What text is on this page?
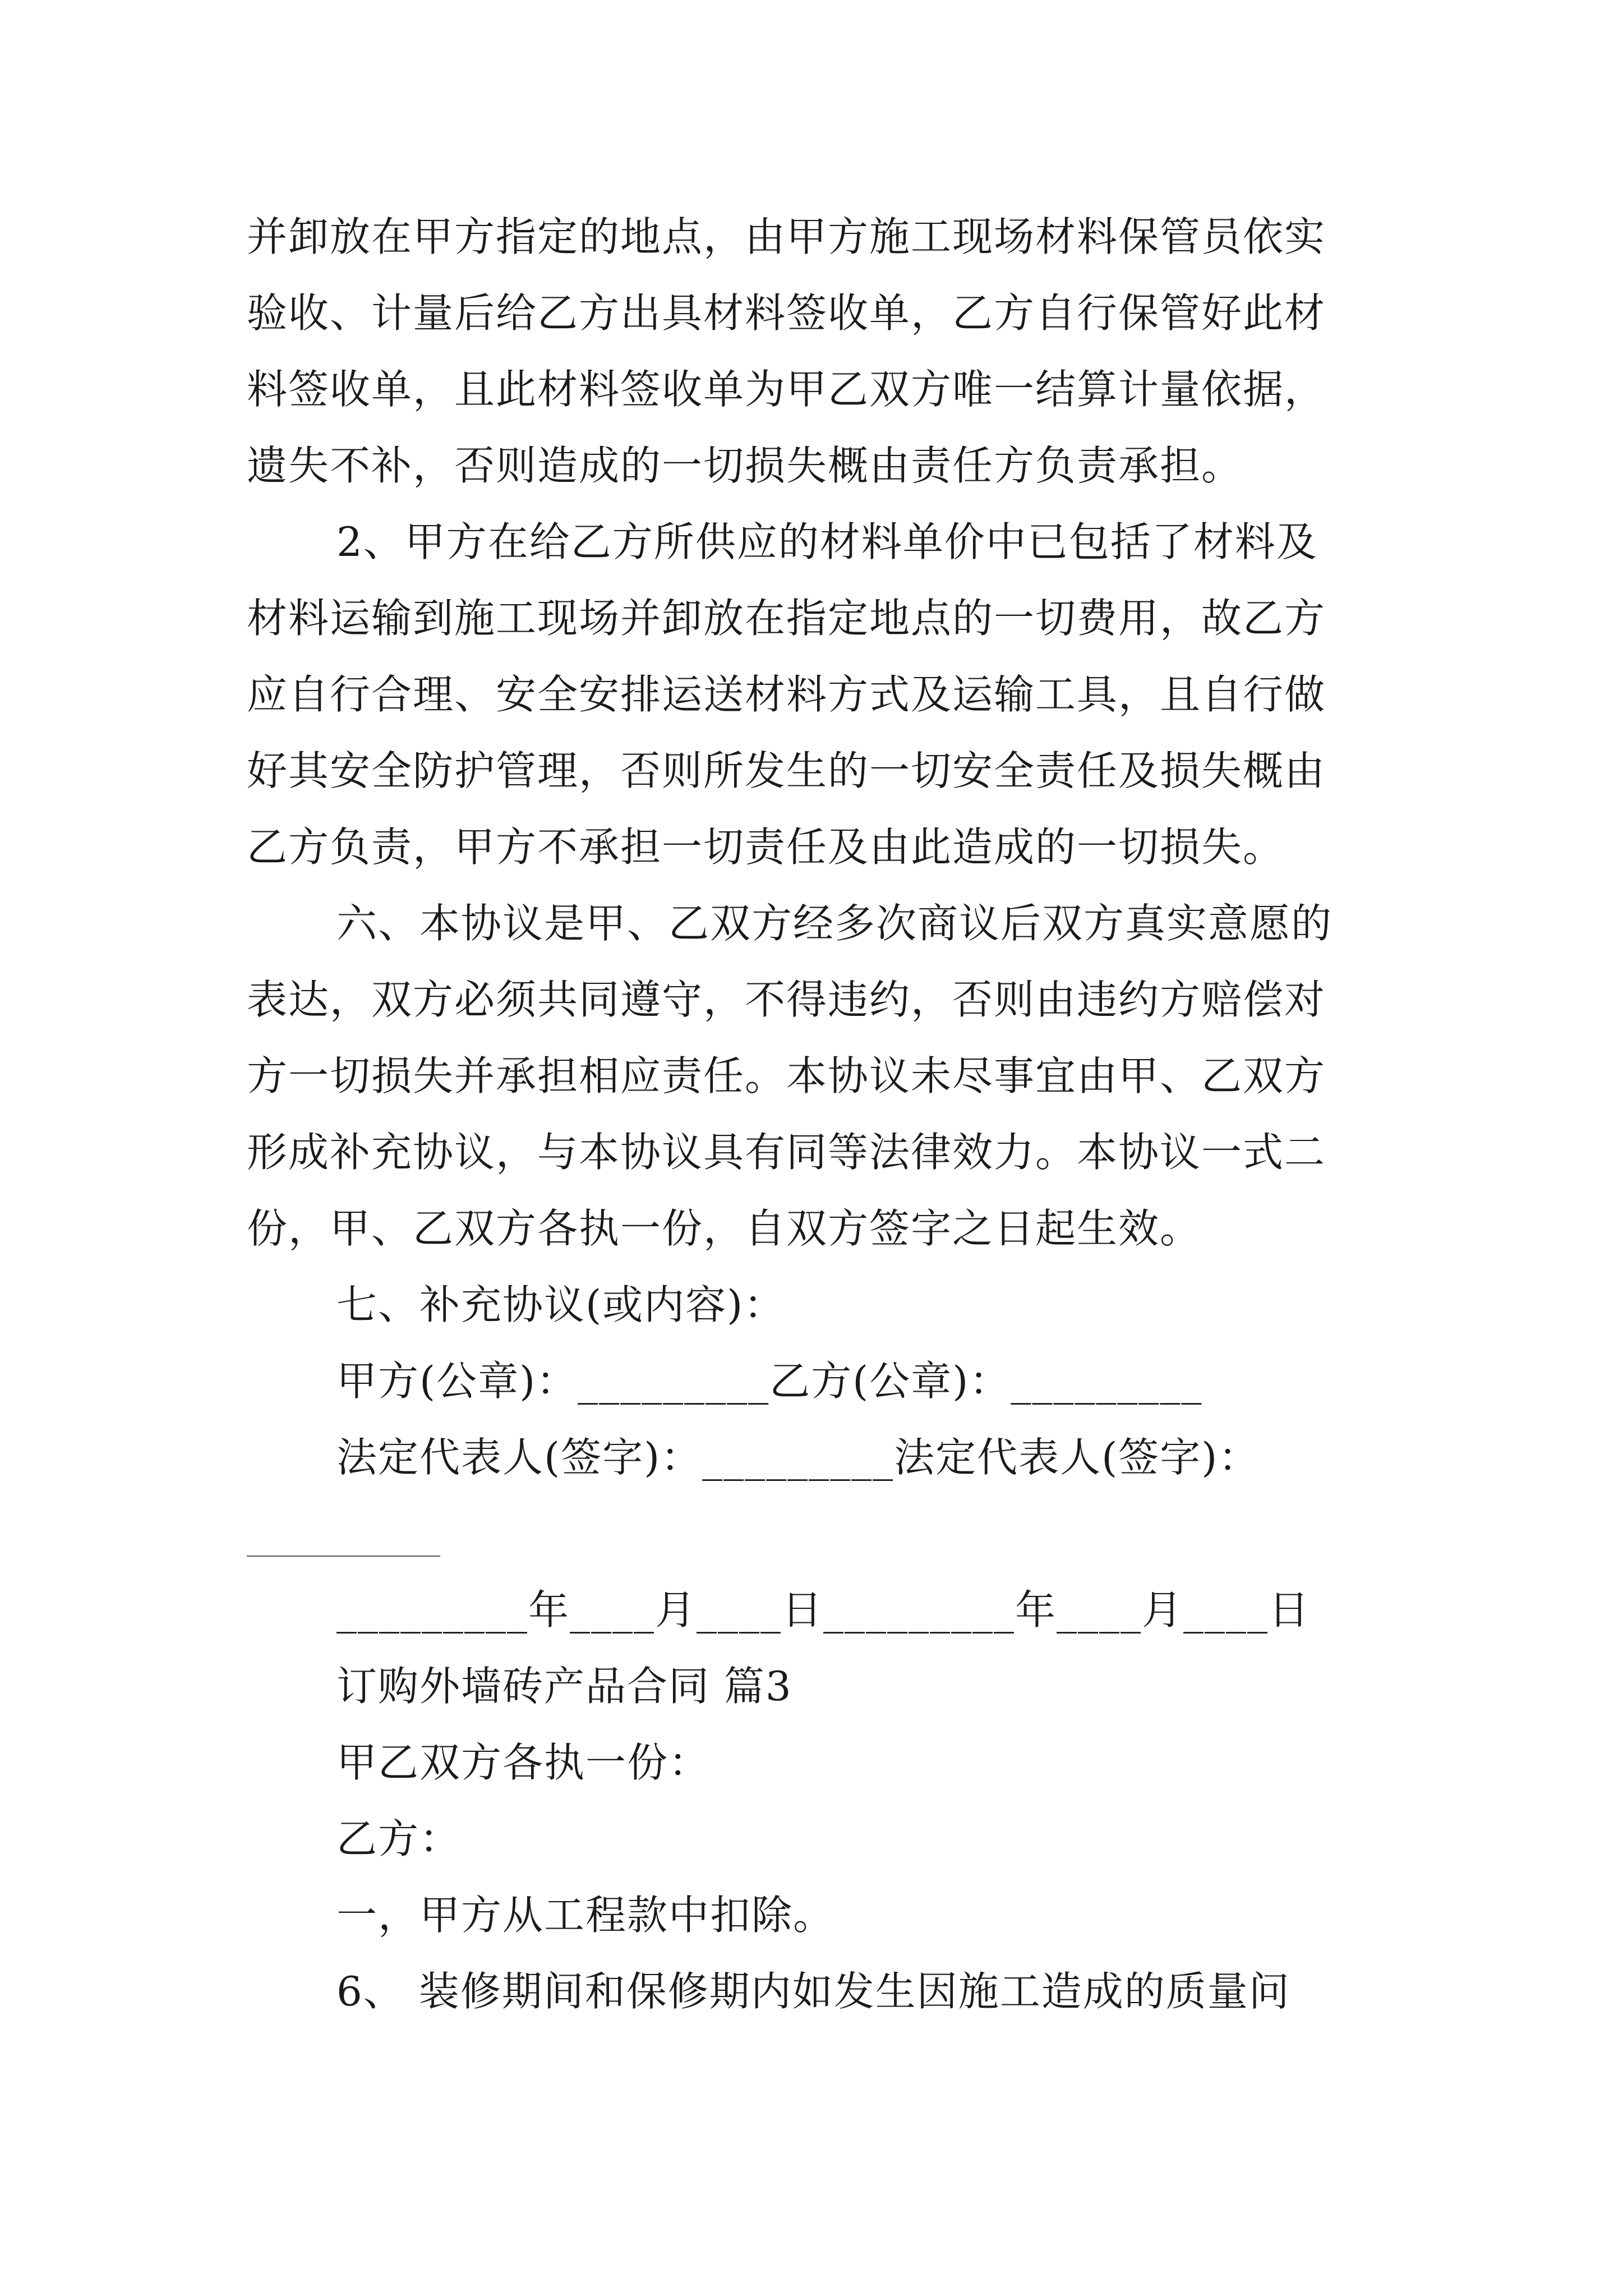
并卸放在甲方指定的地点，由甲方施工现场材料保管员依实
验收、计量后给乙方出具材料签收单，乙方自行保管好此材
料签收单，且此材料签收单为甲乙双方唯一结算计量依据，
遗失不补，否则造成的一切损失概由责任方负责承担。
2、甲方在给乙方所供应的材料单价中已包括了材料及
材料运输到施工现场并卸放在指定地点的一切费用，故乙方
应自行合理、安全安排运送材料方式及运输工具，且自行做
好其安全防护管理，否则所发生的一切安全责任及损失概由
乙方负责，甲方不承担一切责任及由此造成的一切损失。
六、本协议是甲、乙双方经多次商议后双方真实意愿的
表达，双方必须共同遵守，不得违约，否则由违约方赔偿对
方一切损失并承担相应责任。本协议未尽事宜由甲、乙双方
形成补充协议，与本协议具有同等法律效力。本协议一式二
份，甲、乙双方各执一份，自双方签字之日起生效。
七、补充协议(或内容)：
甲方(公章)：_________乙方(公章)：_________
法定代表人(签字)：_________法定代表人(签字)：
_________年____月____日_________年____月____日
订购外墙砖产品合同 篇3
甲乙双方各执一份：
乙方：
一，甲方从工程款中扣除。
6、 装修期间和保修期内如发生因施工造成的质量问
